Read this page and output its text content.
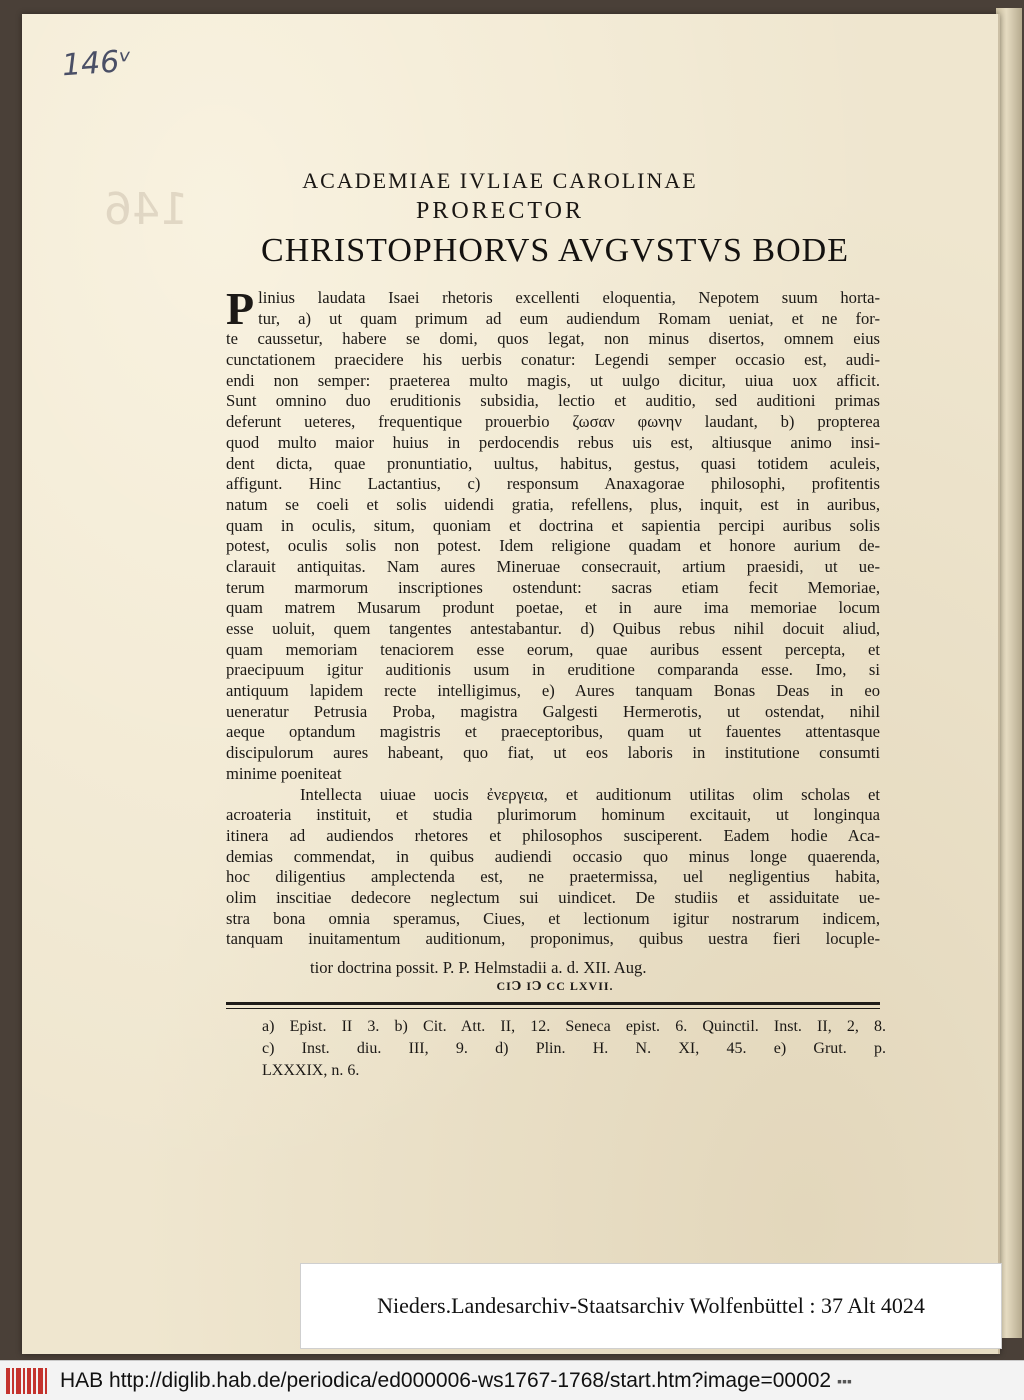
146ᵛ
146
ACADEMIAE IVLIAE CAROLINAE
PRORECTOR
CHRISTOPHORVS AVGVSTVS BODE
P linius laudata Isaei rhetoris excellenti eloquentia, Nepotem suum horta-
tur, a) ut quam primum ad eum audiendum Romam ueniat, et ne for-
te caussetur, habere se domi, quos legat, non minus disertos, omnem eius
cunctationem praecidere his uerbis conatur: Legendi semper occasio est, audi-
endi non semper: praeterea multo magis, ut uulgo dicitur, uiua uox afficit.
Sunt omnino duo eruditionis subsidia, lectio et auditio, sed auditioni primas
deferunt ueteres, frequentique prouerbio ζωσαν φωνην laudant, b) propterea
quod multo maior huius in perdocendis rebus uis est, altiusque animo insi-
dent dicta, quae pronuntiatio, uultus, habitus, gestus, quasi totidem aculeis,
affigunt. Hinc Lactantius, c) responsum Anaxagorae philosophi, profitentis
natum se coeli et solis uidendi gratia, refellens, plus, inquit, est in auribus,
quam in oculis, situm, quoniam et doctrina et sapientia percipi auribus solis
potest, oculis solis non potest. Idem religione quadam et honore aurium de-
clarauit antiquitas. Nam aures Mineruae consecrauit, artium praesidi, ut ue-
terum marmorum inscriptiones ostendunt: sacras etiam fecit Memoriae,
quam matrem Musarum produnt poetae, et in aure ima memoriae locum
esse uoluit, quem tangentes antestabantur. d) Quibus rebus nihil docuit aliud,
quam memoriam tenaciorem esse eorum, quae auribus essent percepta, et
praecipuum igitur auditionis usum in eruditione comparanda esse. Imo, si
antiquum lapidem recte intelligimus, e) Aures tanquam Bonas Deas in eo
ueneratur Petrusia Proba, magistra Galgesti Hermerotis, ut ostendat, nihil
aeque optandum magistris et praeceptoribus, quam ut fauentes attentasque
discipulorum aures habeant, quo fiat, ut eos laboris in institutione consumti
minime poeniteat
Intellecta uiuae uocis ἐνεργεια, et auditionum utilitas olim scholas et
acroateria instituit, et studia plurimorum hominum excitauit, ut longinqua
itinera ad audiendos rhetores et philosophos susciperent. Eadem hodie Aca-
demias commendat, in quibus audiendi occasio quo minus longe quaerenda,
hoc diligentius amplectenda est, ne praetermissa, uel negligentius habita,
olim inscitiae dedecore neglectum sui uindicet. De studiis et assiduitate ue-
stra bona omnia speramus, Ciues, et lectionum igitur nostrarum indicem,
tanquam inuitamentum auditionum, proponimus, quibus uestra fieri locuple-
tior doctrina possit. P. P. Helmstadii a. d. XII. Aug.
CIↃ IↃ CC LXVII.
a) Epist. II 3. b) Cit. Att. II, 12. Seneca epist. 6. Quinctil. Inst. II, 2, 8.
c) Inst. diu. III, 9. d) Plin. H. N. XI, 45. e) Grut. p.
LXXXIX, n. 6.
Nieders.Landesarchiv-Staatsarchiv Wolfenbüttel : 37 Alt 4024
HAB http://diglib.hab.de/periodica/ed000006-ws1767-1768/start.htm?image=00002 ▪▪▪
